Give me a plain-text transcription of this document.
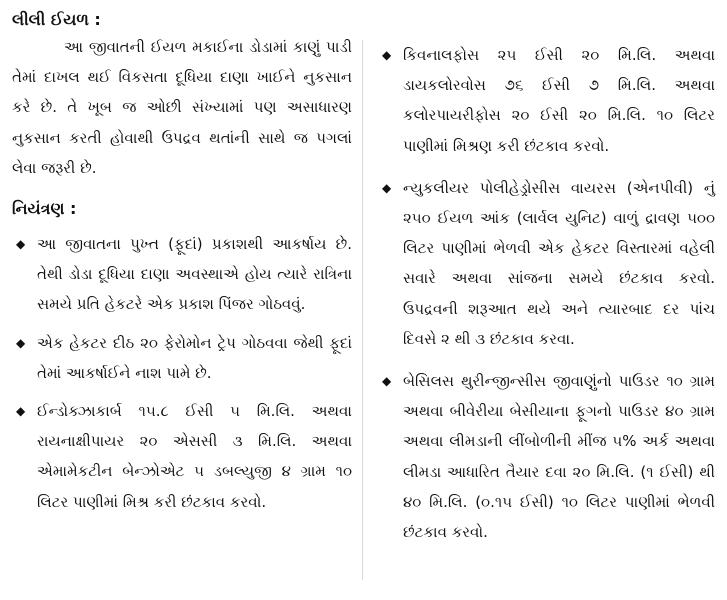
લીલી ઈયળ :

આ જીવાતની ઈયળ મકાઈના ડોડામાં કાણું પાડી તેમાં દાખલ થઈ વિકસતા દૂધિયા દાણા ખાઈને નુકસાન કરે છે. તે ખૂબ જ ઓછી સંખ્યામાં પણ અસાધારણ નુકસાન કરતી હોવાથી ઉપદ્રવ થતાંની સાથે જ પગલાં લેવા જરૂરી છે.

નિયંત્રણ :
◆ આ જીવાતના પુખ્ત (ફૂદાં) પ્રકાશથી આકર્ષાય છે. તેથી ડોડા દૂધિયા દાણા અવસ્થાએ હોય ત્યારે રાત્રિના સમયે પ્રતિ હેકટરે એક પ્રકાશ પિંજર ગોઠવવું.
◆ એક હેકટર દીઠ ૨૦ ફેરોમોન ટ્રેપ ગોઠવવા જેથી ફૂદાં તેમાં આકર્ષાઈને નાશ પામે છે.
◆ ઈન્ડોક્ઝાકાર્બ ૧૫.૮ ઈસી ૫ મિ.લિ. અથવા રાયનાક્ષીપાયર ૨૦ એસસી ૩ મિ.લિ. અથવા એમામેકટીન બેન્ઝોએટ ૫ ડબલ્યુજી ૪ ગ્રામ ૧૦ લિટર પાણીમાં મિશ્ર કરી છંટકાવ કરવો.
◆ કિવનાલફોસ ૨૫ ઈસી ૨૦ મિ.લિ. અથવા ડાયકલોરવોસ ૭૬ ઈસી ૭ મિ.લિ. અથવા કલોરપાયરીફોસ ૨૦ ઈસી ૨૦ મિ.લિ. ૧૦ લિટર પાણીમાં મિશ્રણ કરી છંટકાવ કરવો.
◆ ન્યુકલીયર પોલીહેડ્રોસીસ વાયરસ (એનપીવી) નું ૨૫૦ ઈયળ આંક (લાર્વલ યુનિટ) વાળું દ્રાવણ ૫૦૦ લિટર પાણીમાં ભેળવી એક હેકટર વિસ્તારમાં વહેલી સવારે અથવા સાંજના સમયે છંટકાવ કરવો. ઉપદ્રવની શરૂઆત થયે અને ત્યારબાદ દર પાંચ દિવસે ૨ થી ૩ છંટકાવ કરવા.
◆ બેસિલસ થુરીન્જીન્સીસ જીવાણુંનો પાઉડર ૧૦ ગ્રામ અથવા બીવેરીયા બેસીયાના ફૂગનો પાઉડર ૪૦ ગ્રામ અથવા લીમડાની લીંબોળીની મીંજ ૫% અર્ક અથવા લીમડા આધારિત તૈયાર દવા ૨૦ મિ.લિ. (૧ ઈસી) થી ૪૦ મિ.લિ. (૦.૧૫ ઈસી) ૧૦ લિટર પાણીમાં ભેળવી છંટકાવ કરવો.
